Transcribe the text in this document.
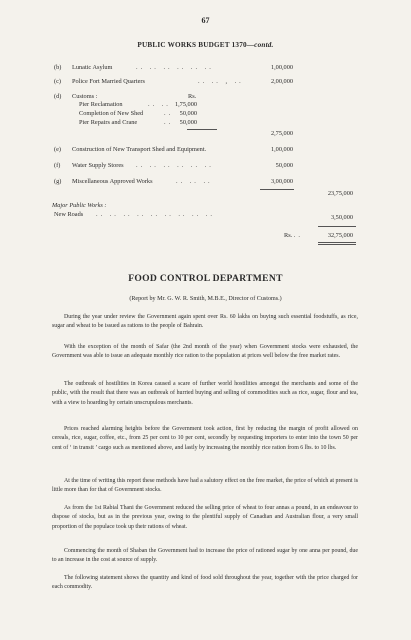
67
PUBLIC WORKS BUDGET 1370—contd.
(b) Lunatic Asylum	.. .. .. .. .. ..	1,00,000
(c) Police Fort Married Quarters	.. .. , ..	2,00,000
(d) Customs :	Rs.
Pier Reclamation	.. .. 1,75,000
Completion of New Shed	.. 50,000
Pier Repairs and Crane	.. 50,000
2,75,000
(e) Construction of New Transport Shed and Equipment.	1,00,000
(f) Water Supply Stores .. .. .. .. .. ..	50,000
(g) Miscellaneous Approved Works	.. .. ..	3,00,000
23,75,000
Major Public Works :
New Roads .. .. .. .. .. .. .. .. ..	3,50,000
Rs. ..	32,75,000
FOOD CONTROL DEPARTMENT
(Report by Mr. G. W. R. Smith, M.B.E., Director of Customs.)
During the year under review the Government again spent over Rs. 60 lakhs on buying such essential foodstuffs, as rice, sugar and wheat to be issued as rations to the people of Bahrain.
With the exception of the month of Safar (the 2nd month of the year) when Government stocks were exhausted, the Government was able to issue an adequate monthly rice ration to the population at prices well below the free market rates.
The outbreak of hostilities in Korea caused a scare of further world hostilities amongst the merchants and some of the public, with the result that there was an outbreak of hurried buying and selling of commodities such as rice, sugar, flour and tea, with a view to hoarding by certain unscrupulous merchants.
Prices reached alarming heights before the Government took action, first by reducing the margin of profit allowed on cereals, rice, sugar, coffee, etc., from 25 per cent to 10 per cent, secondly by requesting importers to enter into the town 50 per cent of ‘ in transit ’ cargo such as mentioned above, and lastly by increasing the monthly rice ration from 6 lbs. to 10 lbs.
At the time of writing this report these methods have had a salutory effect on the free market, the price of which at present is little more than for that of Government stocks.
As from the 1st Rabial Thani the Government reduced the selling price of wheat to four annas a pound, in an endeavour to dispose of stocks, but as in the previous year, owing to the plentiful supply of Canadian and Australian flour, a very small proportion of the populace took up their rations of wheat.
Commencing the month of Shaban the Government had to increase the price of rationed sugar by one anna per pound, due to an increase in the cost at source of supply.
The following statement shows the quantity and kind of food sold throughout the year, together with the price charged for each commodity.
